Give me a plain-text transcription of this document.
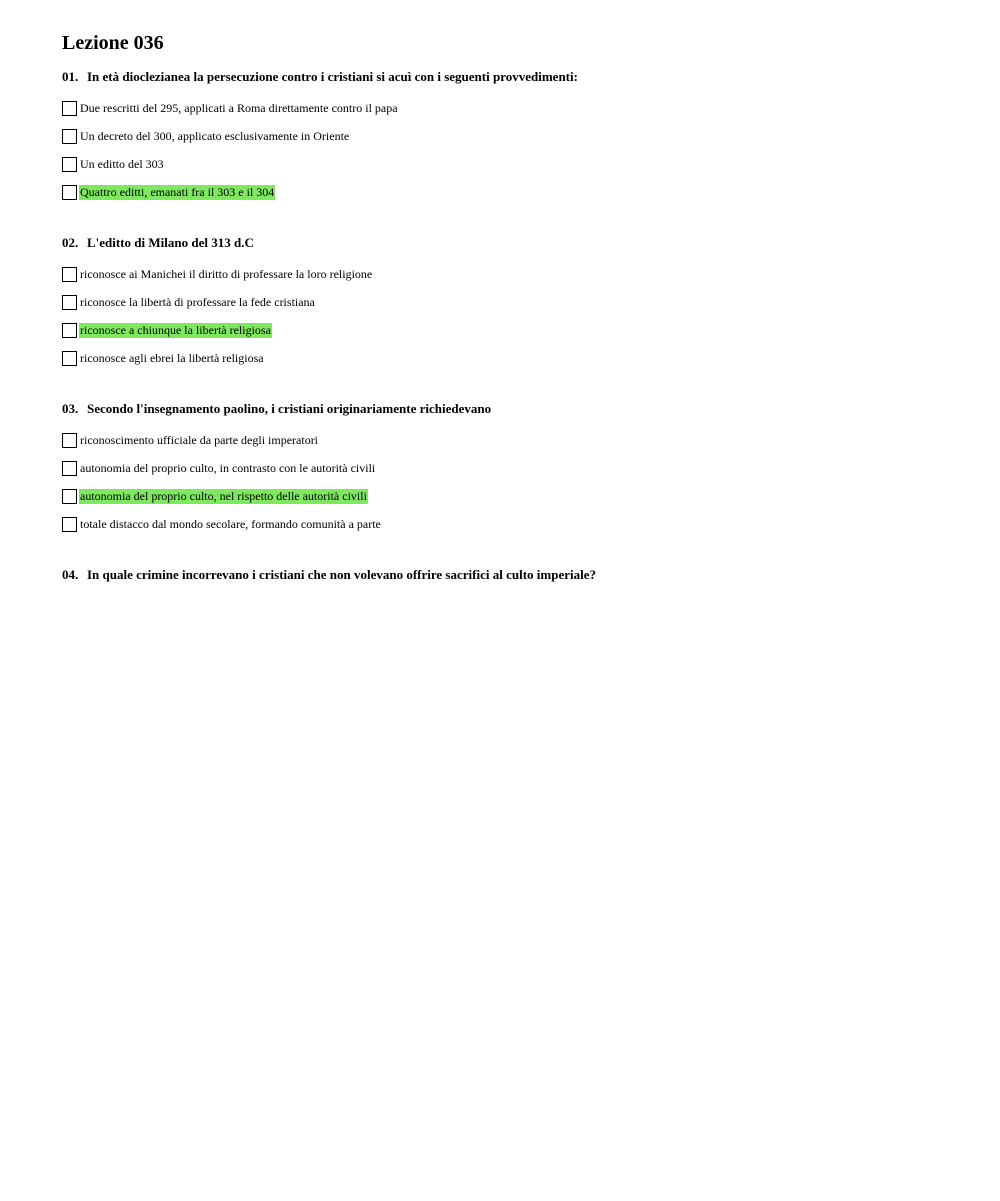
Lezione 036
01. In età dioclezianea la persecuzione contro i cristiani si acuì con i seguenti provvedimenti:
Due rescritti del 295, applicati a Roma direttamente contro il papa
Un decreto del 300, applicato esclusivamente in Oriente
Un editto del 303
Quattro editti, emanati fra il 303 e il 304
02. L'editto di Milano del 313 d.C
riconosce ai Manichei il diritto di professare la loro religione
riconosce la libertà di professare la fede cristiana
riconosce a chiunque la libertà religiosa
riconosce agli ebrei la libertà religiosa
03. Secondo l'insegnamento paolino, i cristiani originariamente richiedevano
riconoscimento ufficiale da parte degli imperatori
autonomia del proprio culto, in contrasto con le autorità civili
autonomia del proprio culto, nel rispetto delle autorità civili
totale distacco dal mondo secolare, formando comunità a parte
04. In quale crimine incorrevano i cristiani che non volevano offrire sacrifici al culto imperiale?
